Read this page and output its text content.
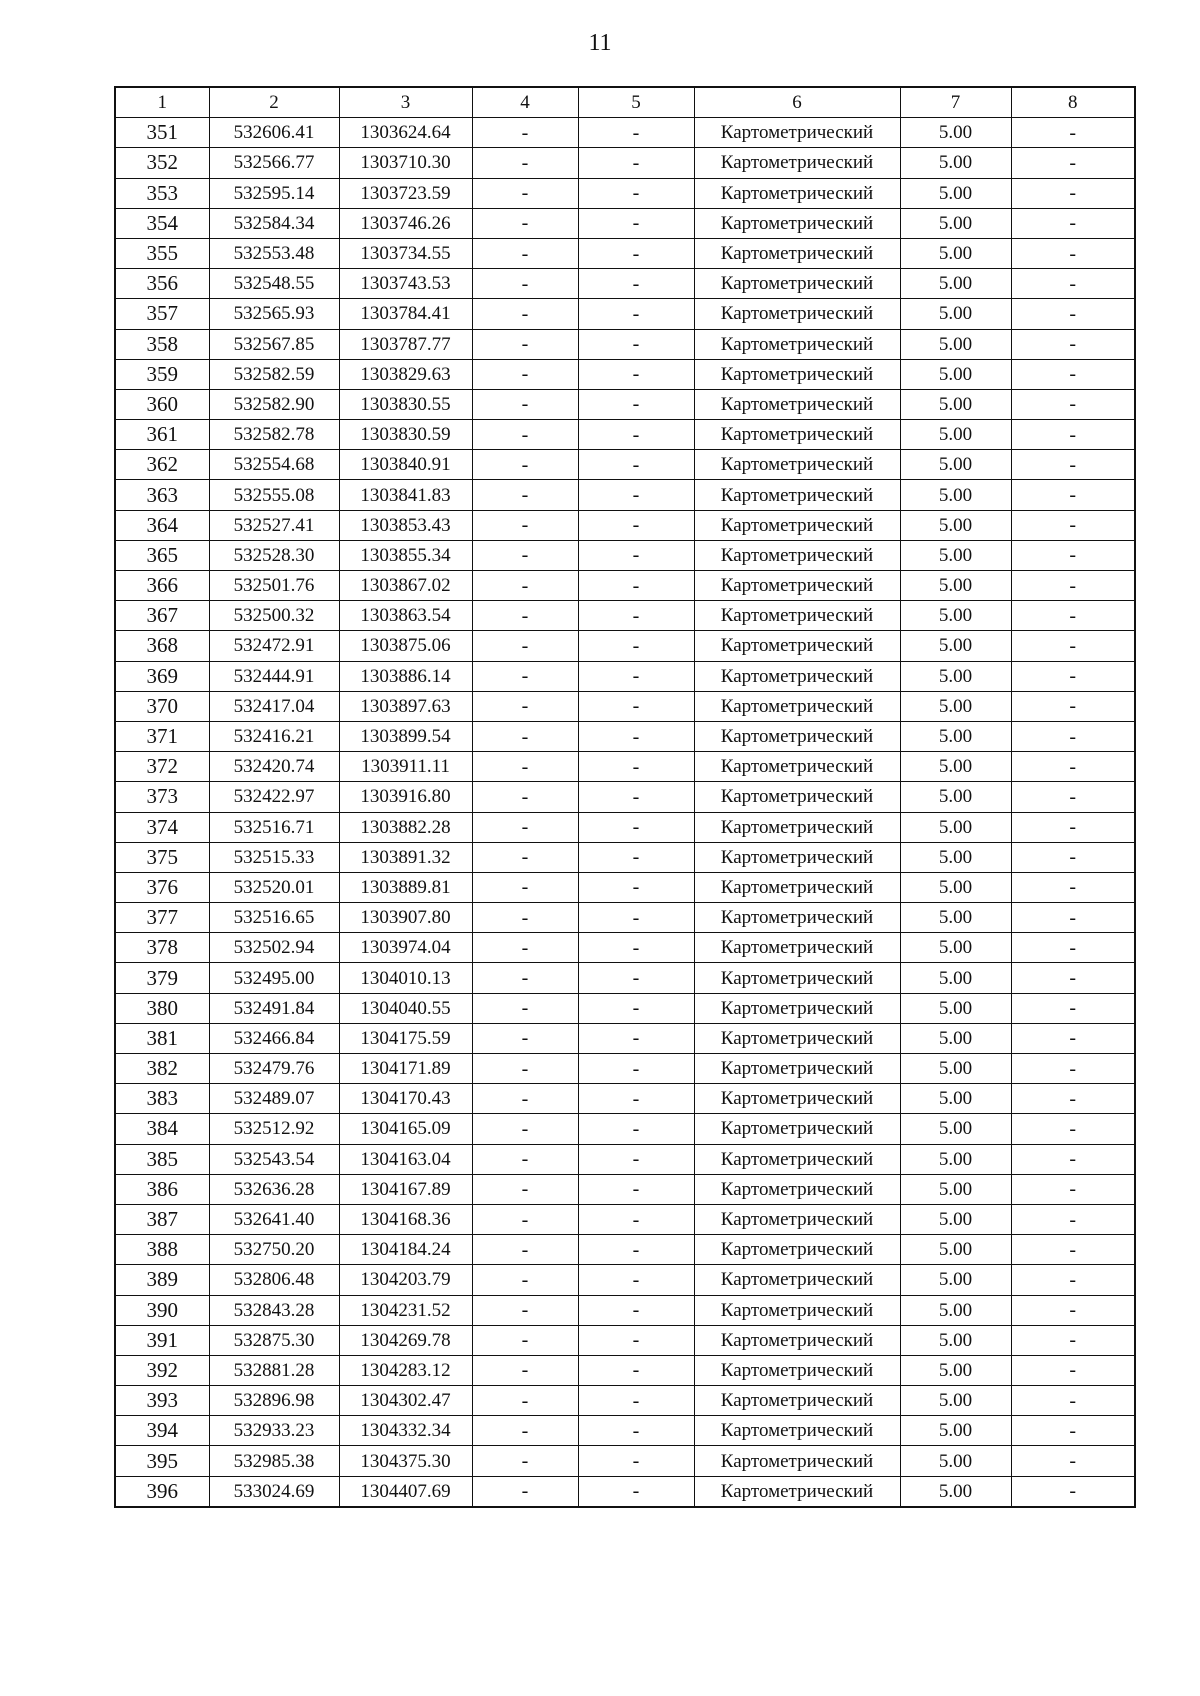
11
1	2	3	4	5	6	7	8
351	532606.41	1303624.64	-	-	Картометрический	5.00	-
352	532566.77	1303710.30	-	-	Картометрический	5.00	-
353	532595.14	1303723.59	-	-	Картометрический	5.00	-
354	532584.34	1303746.26	-	-	Картометрический	5.00	-
355	532553.48	1303734.55	-	-	Картометрический	5.00	-
356	532548.55	1303743.53	-	-	Картометрический	5.00	-
357	532565.93	1303784.41	-	-	Картометрический	5.00	-
358	532567.85	1303787.77	-	-	Картометрический	5.00	-
359	532582.59	1303829.63	-	-	Картометрический	5.00	-
360	532582.90	1303830.55	-	-	Картометрический	5.00	-
361	532582.78	1303830.59	-	-	Картометрический	5.00	-
362	532554.68	1303840.91	-	-	Картометрический	5.00	-
363	532555.08	1303841.83	-	-	Картометрический	5.00	-
364	532527.41	1303853.43	-	-	Картометрический	5.00	-
365	532528.30	1303855.34	-	-	Картометрический	5.00	-
366	532501.76	1303867.02	-	-	Картометрический	5.00	-
367	532500.32	1303863.54	-	-	Картометрический	5.00	-
368	532472.91	1303875.06	-	-	Картометрический	5.00	-
369	532444.91	1303886.14	-	-	Картометрический	5.00	-
370	532417.04	1303897.63	-	-	Картометрический	5.00	-
371	532416.21	1303899.54	-	-	Картометрический	5.00	-
372	532420.74	1303911.11	-	-	Картометрический	5.00	-
373	532422.97	1303916.80	-	-	Картометрический	5.00	-
374	532516.71	1303882.28	-	-	Картометрический	5.00	-
375	532515.33	1303891.32	-	-	Картометрический	5.00	-
376	532520.01	1303889.81	-	-	Картометрический	5.00	-
377	532516.65	1303907.80	-	-	Картометрический	5.00	-
378	532502.94	1303974.04	-	-	Картометрический	5.00	-
379	532495.00	1304010.13	-	-	Картометрический	5.00	-
380	532491.84	1304040.55	-	-	Картометрический	5.00	-
381	532466.84	1304175.59	-	-	Картометрический	5.00	-
382	532479.76	1304171.89	-	-	Картометрический	5.00	-
383	532489.07	1304170.43	-	-	Картометрический	5.00	-
384	532512.92	1304165.09	-	-	Картометрический	5.00	-
385	532543.54	1304163.04	-	-	Картометрический	5.00	-
386	532636.28	1304167.89	-	-	Картометрический	5.00	-
387	532641.40	1304168.36	-	-	Картометрический	5.00	-
388	532750.20	1304184.24	-	-	Картометрический	5.00	-
389	532806.48	1304203.79	-	-	Картометрический	5.00	-
390	532843.28	1304231.52	-	-	Картометрический	5.00	-
391	532875.30	1304269.78	-	-	Картометрический	5.00	-
392	532881.28	1304283.12	-	-	Картометрический	5.00	-
393	532896.98	1304302.47	-	-	Картометрический	5.00	-
394	532933.23	1304332.34	-	-	Картометрический	5.00	-
395	532985.38	1304375.30	-	-	Картометрический	5.00	-
396	533024.69	1304407.69	-	-	Картометрический	5.00	-
